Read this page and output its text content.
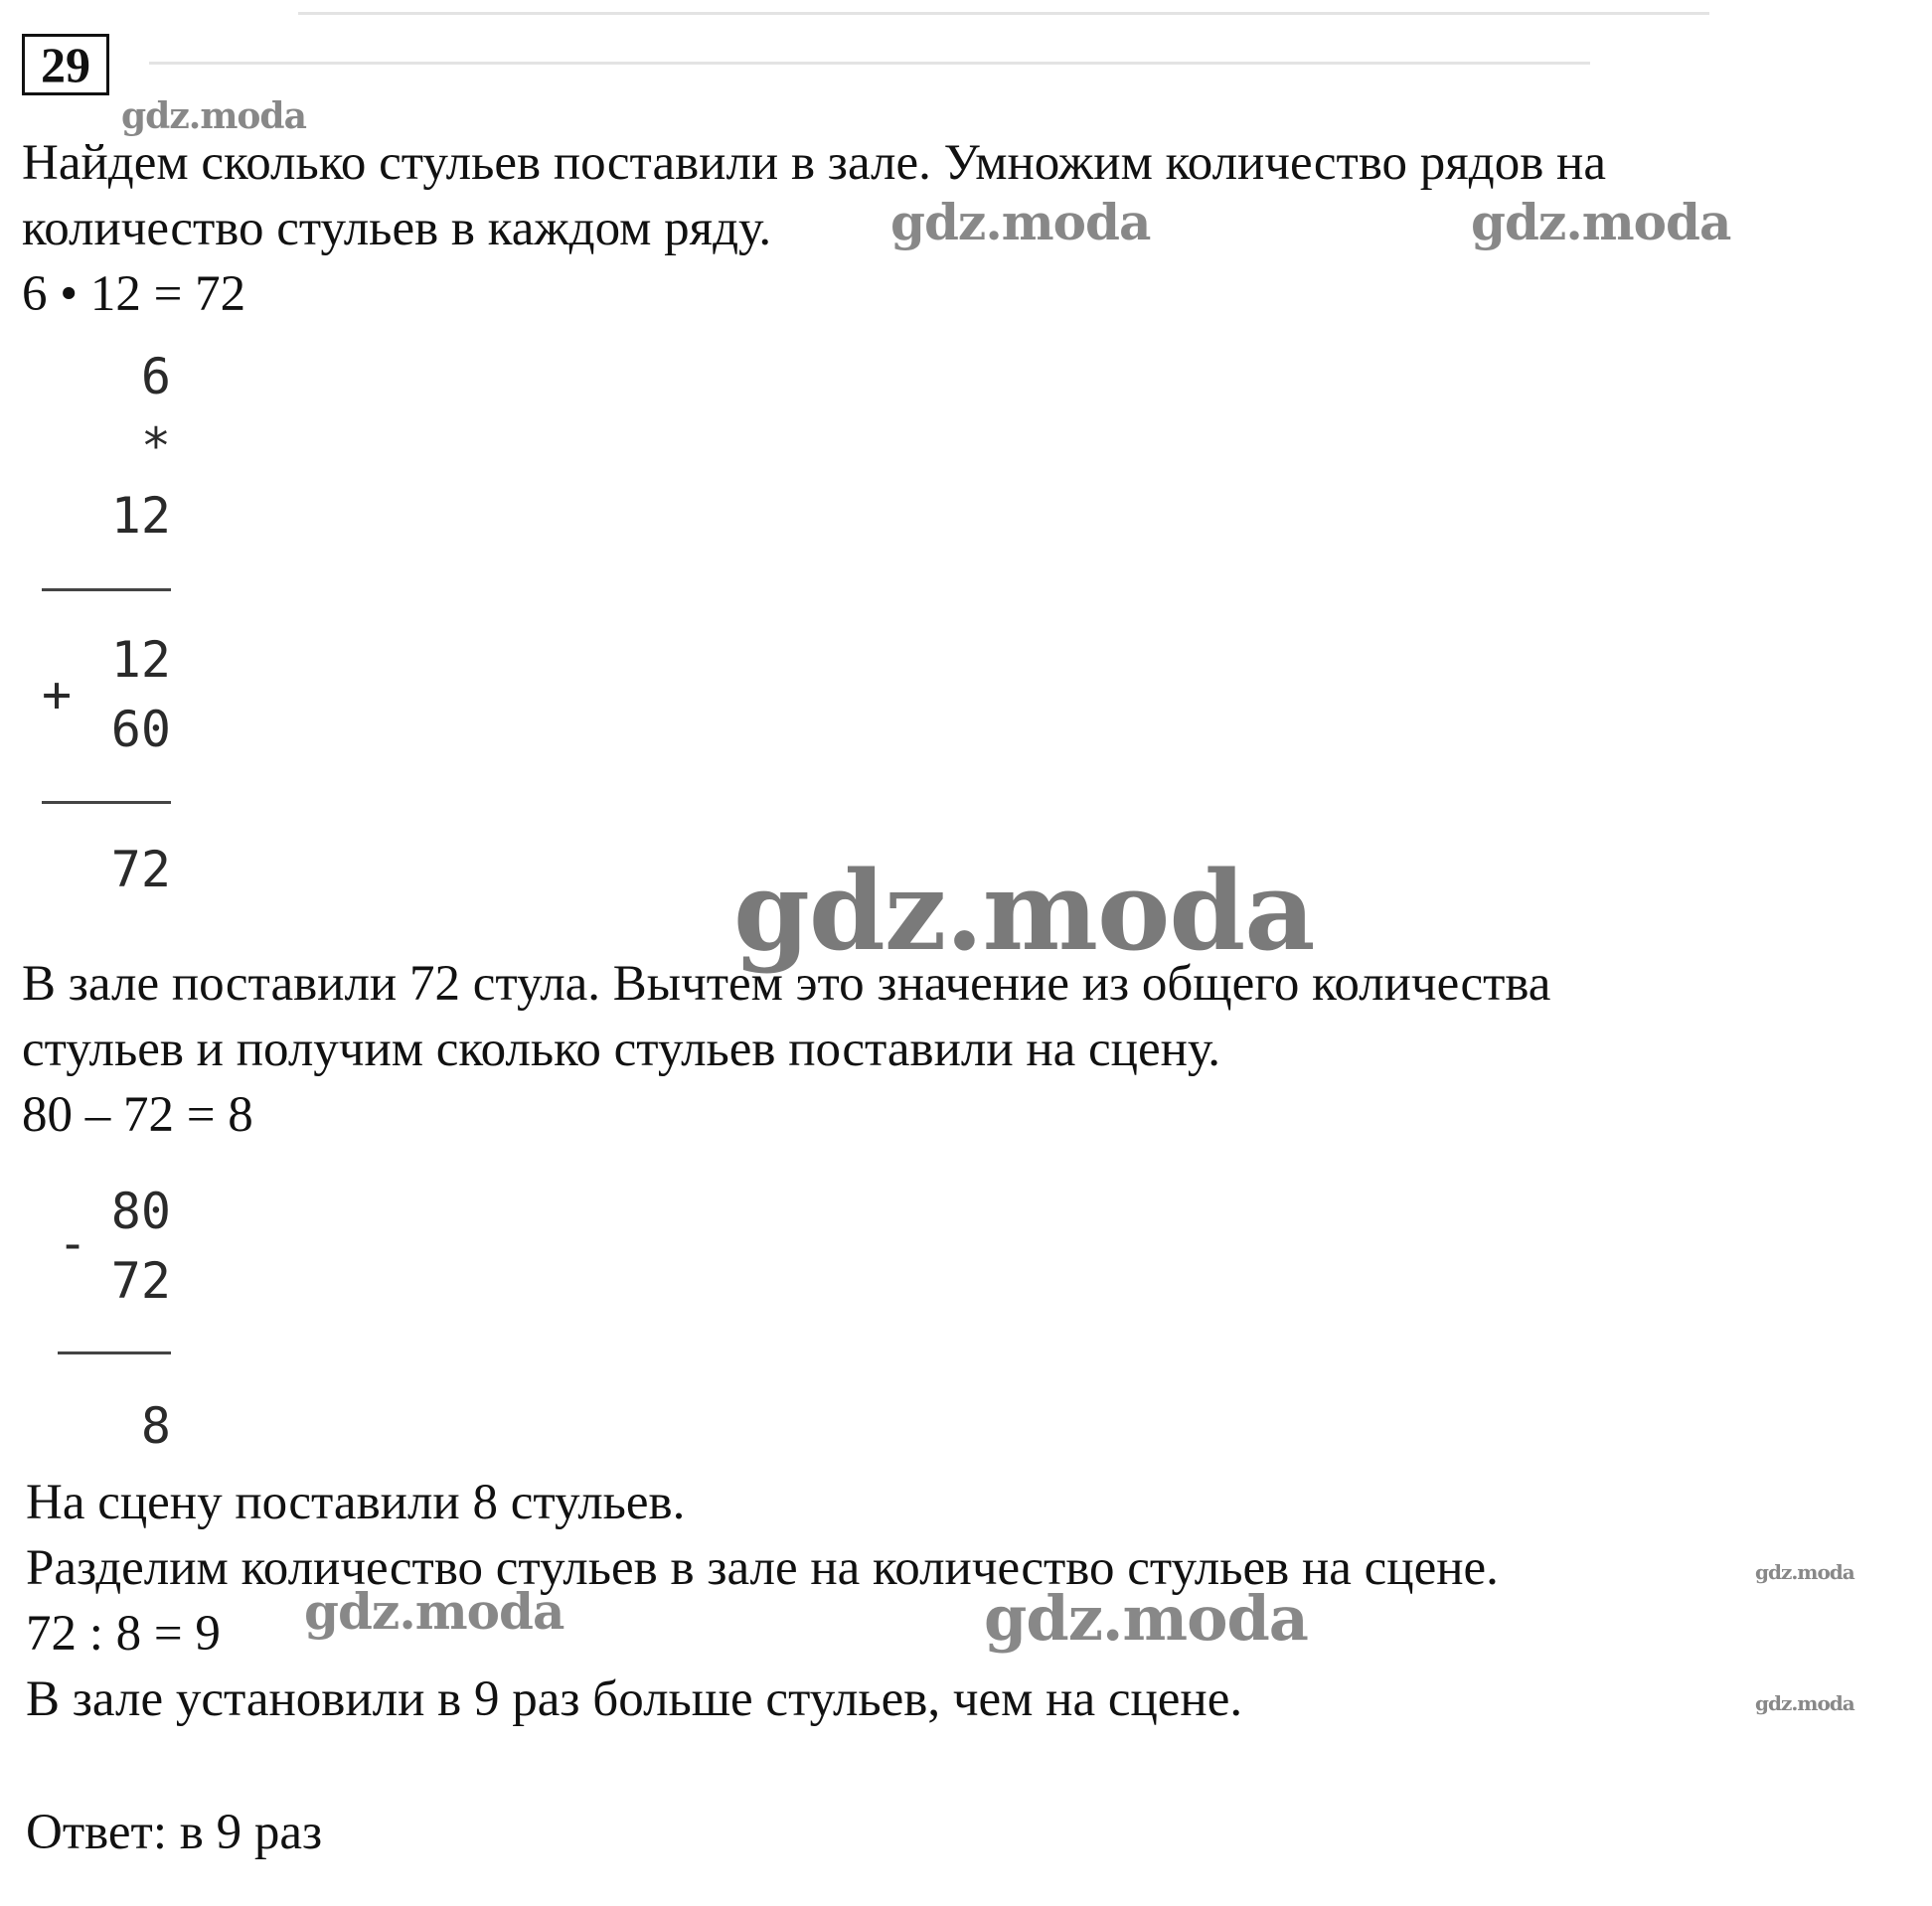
29
Найдем сколько стульев поставили в зале. Умножим количество рядов на
количество стульев в каждом ряду.
6 • 12 = 72
6
*
12
12
+
60
72
В зале поставили 72 стула. Вычтем это значение из общего количества
стульев и получим сколько стульев поставили на сцену.
80 – 72 = 8
80
-
72
8
На сцену поставили 8 стульев.
Разделим количество стульев в зале на количество стульев на сцене.
72 : 8 = 9
В зале установили в 9 раз больше стульев, чем на сцене.
Ответ: в 9 раз
gdz.moda
gdz.moda	gdz.moda
gdz.moda
gdz.moda	gdz.moda
gdz.moda
gdz.moda
